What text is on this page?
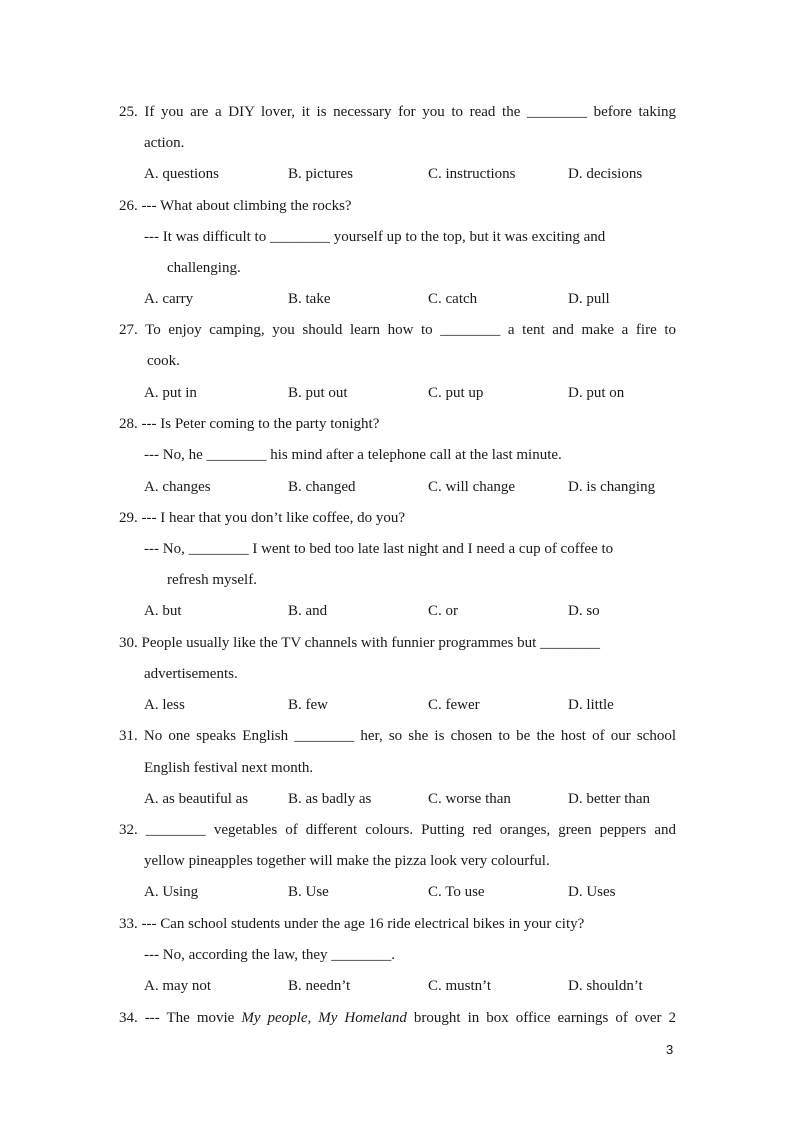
25. If you are a DIY lover, it is necessary for you to read the ________ before taking
action.
A. questions	B. pictures	C. instructions	D. decisions
26. --- What about climbing the rocks?
--- It was difficult to ________ yourself up to the top, but it was exciting and
challenging.
A. carry	B. take	C. catch	D. pull
27. To enjoy camping, you should learn how to ________ a tent and make a fire to
cook.
A. put in	B. put out	C. put up	D. put on
28. --- Is Peter coming to the party tonight?
--- No, he ________ his mind after a telephone call at the last minute.
A. changes	B. changed	C. will change	D. is changing
29. --- I hear that you don’t like coffee, do you?
--- No, ________ I went to bed too late last night and I need a cup of coffee to
refresh myself.
A. but	B. and	C. or	D. so
30. People usually like the TV channels with funnier programmes but ________
advertisements.
A. less	B. few	C. fewer	D. little
31. No one speaks English ________ her, so she is chosen to be the host of our school
English festival next month.
A. as beautiful as	B. as badly as	C. worse than	D. better than
32. ________ vegetables of different colours. Putting red oranges, green peppers and
yellow pineapples together will make the pizza look very colourful.
A. Using	B. Use	C. To use	D. Uses
33. --- Can school students under the age 16 ride electrical bikes in your city?
--- No, according the law, they ________.
A. may not	B. needn’t	C. mustn’t	D. shouldn’t
34. --- The movie My people, My Homeland brought in box office earnings of over 2
3
